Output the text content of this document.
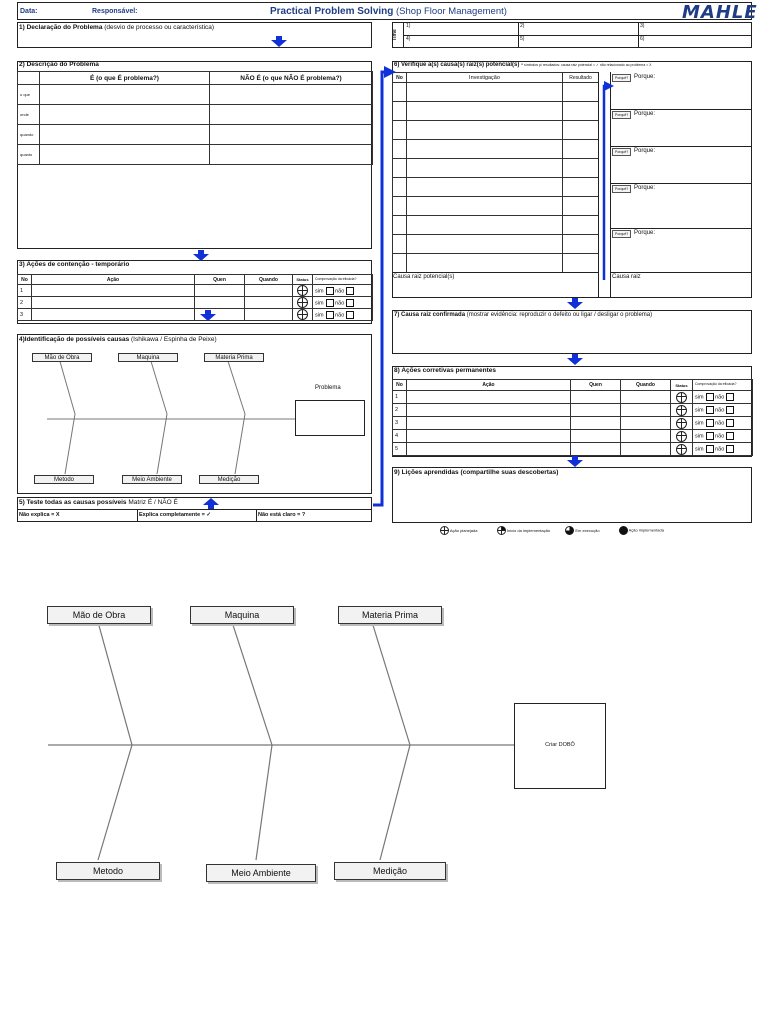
Data:	Responsável:	Practical Problem Solving (Shop Floor Management)	MAHLE
Time
1)	2)	3)
4)	5)	6)
1) Declaração do Problema (desvio de processo ou característica)
2) Descrição do Problema
	É (o que É problema?)	NÃO É (o que NÃO É problema?)
o que		
onde		
quando		
quanto		
3) Ações de contenção - temporário
No	Ação	Quen	Quando	Status	Comprovação da eficácia?
1					sim não
2					sim não
3					sim não
4)Identificação de possíveis causas (Ishikawa / Espinha de Peixe)
Mão de Obra	Maquina	Materia Prima
Metodo	Meio Ambiente	Medição
Problema
5) Teste todas as causas possíveis Matriz É / NÃO É
Não explica = X	Explica completamente = ✓	Não está claro = ?
6) Verifique a(s) causa(s) raiz(s) potencial(s) - símbolos p/ resultados: causa raiz potencial = ✓ não relacionado ao problema = X
No	Investigação	Resultado

Causa raiz potencial(s)	Causa raiz
Porquê? Porque:
Porquê? Porque:
Porquê? Porque:
Porquê? Porque:
Porquê? Porque:
7) Causa raiz confirmada (mostrar evidência: reproduzir o defeito ou ligar / desligar o problema)
8) Ações corretivas permanentes
No	Ação	Quen	Quando	Status	Comprovação da eficácia?
1					sim não
2					sim não
3					sim não
4					sim não
5					sim não
9) Lições aprendidas (compartilhe suas descobertas)
Ação planejada	Início da implementação	Em execução	Ação implementada
Mão de Obra	Maquina	Materia Prima
Metodo	Meio Ambiente	Medição
Criar DOBÔ
